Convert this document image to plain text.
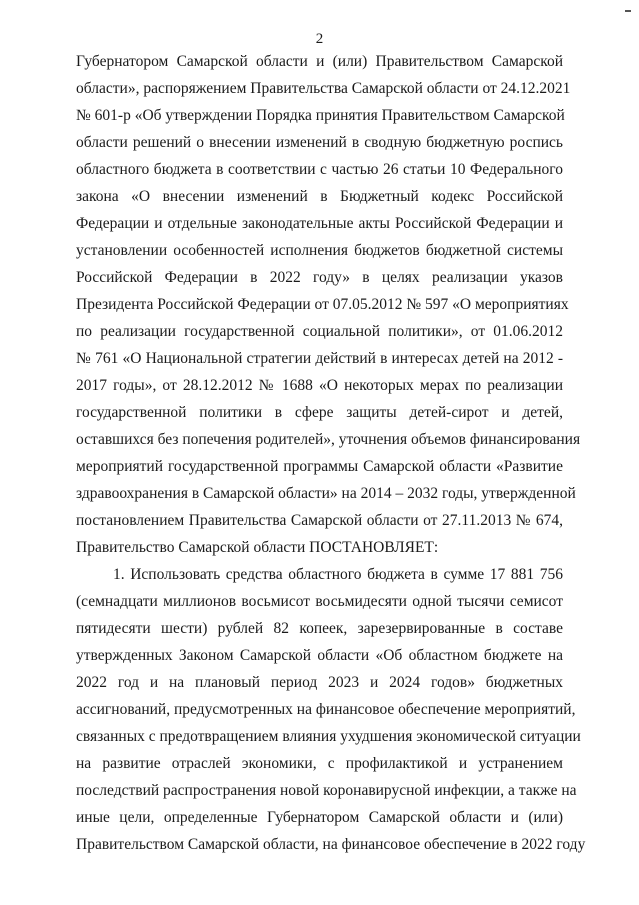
2
Губернатором Самарской области и (или) Правительством Самарской
области», распоряжением Правительства Самарской области от 24.12.2021
№ 601-р «Об утверждении Порядка принятия Правительством Самарской
области решений о внесении изменений в сводную бюджетную роспись
областного бюджета в соответствии с частью 26 статьи 10 Федерального
закона «О внесении изменений в Бюджетный кодекс Российской
Федерации и отдельные законодательные акты Российской Федерации и
установлении особенностей исполнения бюджетов бюджетной системы
Российской Федерации в 2022 году» в целях реализации указов
Президента Российской Федерации от 07.05.2012 № 597 «О мероприятиях
по реализации государственной социальной политики», от 01.06.2012
№ 761 «О Национальной стратегии действий в интересах детей на 2012 -
2017 годы», от 28.12.2012 № 1688 «О некоторых мерах по реализации
государственной политики в сфере защиты детей-сирот и детей,
оставшихся без попечения родителей», уточнения объемов финансирования
мероприятий государственной программы Самарской области «Развитие
здравоохранения в Самарской области» на 2014 – 2032 годы, утвержденной
постановлением Правительства Самарской области от 27.11.2013 № 674,
Правительство Самарской области ПОСТАНОВЛЯЕТ:
1. Использовать средства областного бюджета в сумме 17 881 756
(семнадцати миллионов восьмисот восьмидесяти одной тысячи семисот
пятидесяти шести) рублей 82 копеек, зарезервированные в составе
утвержденных Законом Самарской области «Об областном бюджете на
2022 год и на плановый период 2023 и 2024 годов» бюджетных
ассигнований, предусмотренных на финансовое обеспечение мероприятий,
связанных с предотвращением влияния ухудшения экономической ситуации
на развитие отраслей экономики, с профилактикой и устранением
последствий распространения новой коронавирусной инфекции, а также на
иные цели, определенные Губернатором Самарской области и (или)
Правительством Самарской области, на финансовое обеспечение в 2022 году
